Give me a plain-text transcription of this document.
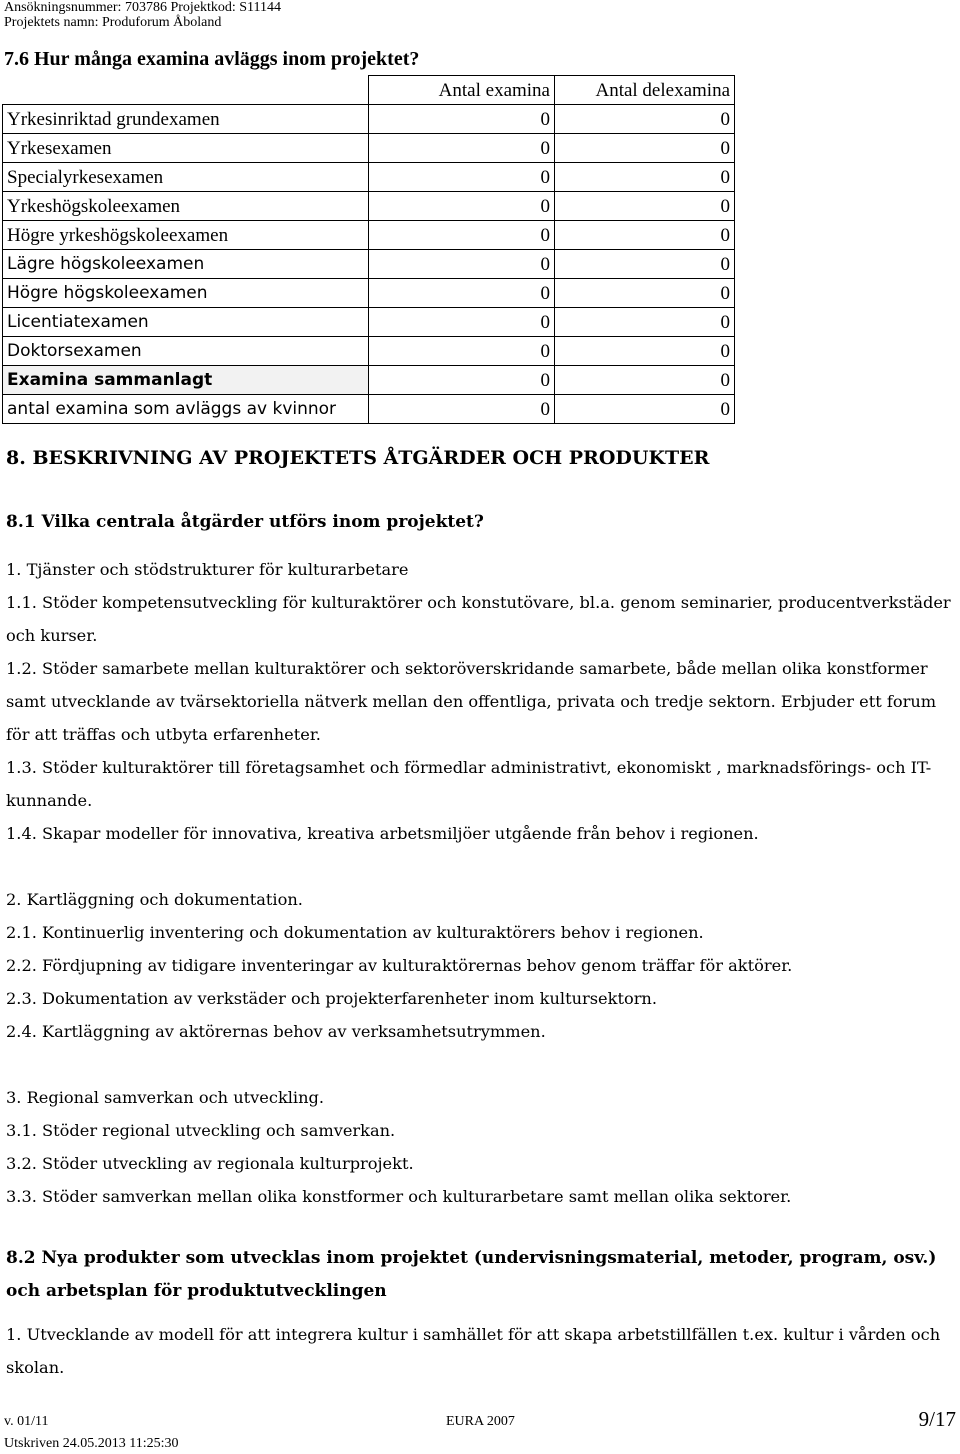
Ansökningsnummer: 703786 Projektkod: S11144
Projektets namn: Produforum Åboland
7.6 Hur många examina avläggs inom projektet?
	Antal examina	Antal delexamina
Yrkesinriktad grundexamen	0	0
Yrkesexamen	0	0
Specialyrkesexamen	0	0
Yrkeshögskoleexamen	0	0
Högre yrkeshögskoleexamen	0	0
Lägre högskoleexamen	0	0
Högre högskoleexamen	0	0
Licentiatexamen	0	0
Doktorsexamen	0	0
Examina sammanlagt	0	0
antal examina som avläggs av kvinnor	0	0
8. BESKRIVNING AV PROJEKTETS ÅTGÄRDER OCH PRODUKTER
8.1 Vilka centrala åtgärder utförs inom projektet?

1. Tjänster och stödstrukturer för kulturarbetare

1.1. Stöder kompetensutveckling för kulturaktörer och konstutövare, bl.a. genom seminarier, producentverkstäder och kurser.

1.2. Stöder samarbete mellan kulturaktörer och sektoröverskridande samarbete, både mellan olika konstformer samt utvecklande av tvärsektoriella nätverk mellan den offentliga, privata och tredje sektorn. Erbjuder ett forum för att träffas och utbyta erfarenheter.

1.3. Stöder kulturaktörer till företagsamhet och förmedlar administrativt, ekonomiskt , marknadsförings- och IT-kunnande.

1.4. Skapar modeller för innovativa, kreativa arbetsmiljöer utgående från behov i regionen.

2. Kartläggning och dokumentation.

2.1. Kontinuerlig inventering och dokumentation av kulturaktörers behov i regionen.

2.2. Fördjupning av tidigare inventeringar av kulturaktörernas behov genom träffar för aktörer.

2.3. Dokumentation av verkstäder och projekterfarenheter inom kultursektorn.

2.4. Kartläggning av aktörernas behov av verksamhetsutrymmen.

3. Regional samverkan och utveckling.

3.1. Stöder regional utveckling och samverkan.

3.2. Stöder utveckling av regionala kulturprojekt.

3.3. Stöder samverkan mellan olika konstformer och kulturarbetare samt mellan olika sektorer.

8.2 Nya produkter som utvecklas inom projektet (undervisningsmaterial, metoder, program, osv.) och arbetsplan för produktutvecklingen

1. Utvecklande av modell för att integrera kultur i samhället för att skapa arbetstillfällen t.ex. kultur i vården och skolan.

v. 01/11	EURA 2007	9/17
Utskriven 24.05.2013 11:25:30
